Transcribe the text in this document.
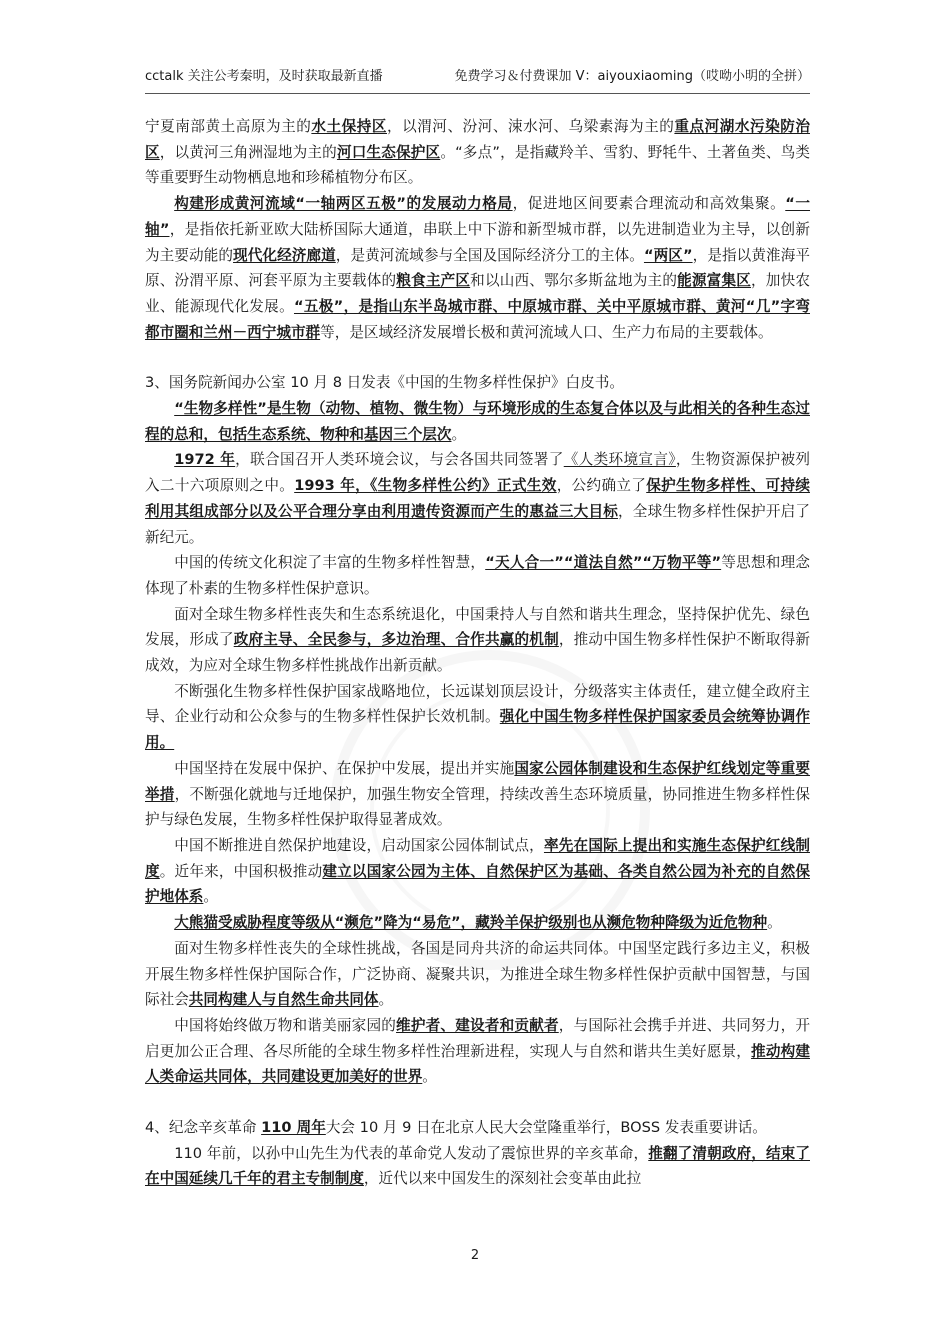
cctalk 关注公考秦明，及时获取最新直播	免费学习＆付费课加 V：aiyouxiaoming（哎呦小明的全拼）

宁夏南部黄土高原为主的水土保持区，以渭河、汾河、涑水河、乌梁素海为主的重点河湖水污染防治区，以黄河三角洲湿地为主的河口生态保护区。“多点”，是指藏羚羊、雪豹、野牦牛、土著鱼类、鸟类等重要野生动物栖息地和珍稀植物分布区。

构建形成黄河流域“一轴两区五极”的发展动力格局，促进地区间要素合理流动和高效集聚。“一轴”，是指依托新亚欧大陆桥国际大通道，串联上中下游和新型城市群，以先进制造业为主导，以创新为主要动能的现代化经济廊道，是黄河流域参与全国及国际经济分工的主体。“两区”，是指以黄淮海平原、汾渭平原、河套平原为主要载体的粮食主产区和以山西、鄂尔多斯盆地为主的能源富集区，加快农业、能源现代化发展。“五极”，是指山东半岛城市群、中原城市群、关中平原城市群、黄河“几”字弯都市圈和兰州－西宁城市群等，是区域经济发展增长极和黄河流域人口、生产力布局的主要载体。

3、国务院新闻办公室 10 月 8 日发表《中国的生物多样性保护》白皮书。

“生物多样性”是生物（动物、植物、微生物）与环境形成的生态复合体以及与此相关的各种生态过程的总和，包括生态系统、物种和基因三个层次。

1972 年，联合国召开人类环境会议，与会各国共同签署了《人类环境宣言》，生物资源保护被列入二十六项原则之中。1993 年，《生物多样性公约》正式生效，公约确立了保护生物多样性、可持续利用其组成部分以及公平合理分享由利用遗传资源而产生的惠益三大目标，全球生物多样性保护开启了新纪元。

中国的传统文化积淀了丰富的生物多样性智慧，“天人合一”“道法自然”“万物平等”等思想和理念体现了朴素的生物多样性保护意识。

面对全球生物多样性丧失和生态系统退化，中国秉持人与自然和谐共生理念，坚持保护优先、绿色发展，形成了政府主导、全民参与，多边治理、合作共赢的机制，推动中国生物多样性保护不断取得新成效，为应对全球生物多样性挑战作出新贡献。

不断强化生物多样性保护国家战略地位，长远谋划顶层设计，分级落实主体责任，建立健全政府主导、企业行动和公众参与的生物多样性保护长效机制。强化中国生物多样性保护国家委员会统筹协调作用。

中国坚持在发展中保护、在保护中发展，提出并实施国家公园体制建设和生态保护红线划定等重要举措，不断强化就地与迁地保护，加强生物安全管理，持续改善生态环境质量，协同推进生物多样性保护与绿色发展，生物多样性保护取得显著成效。

中国不断推进自然保护地建设，启动国家公园体制试点，率先在国际上提出和实施生态保护红线制度。近年来，中国积极推动建立以国家公园为主体、自然保护区为基础、各类自然公园为补充的自然保护地体系。

大熊猫受威胁程度等级从“濒危”降为“易危”，藏羚羊保护级别也从濒危物种降级为近危物种。

面对生物多样性丧失的全球性挑战，各国是同舟共济的命运共同体。中国坚定践行多边主义，积极开展生物多样性保护国际合作，广泛协商、凝聚共识，为推进全球生物多样性保护贡献中国智慧，与国际社会共同构建人与自然生命共同体。

中国将始终做万物和谐美丽家园的维护者、建设者和贡献者，与国际社会携手并进、共同努力，开启更加公正合理、各尽所能的全球生物多样性治理新进程，实现人与自然和谐共生美好愿景，推动构建人类命运共同体，共同建设更加美好的世界。

4、纪念辛亥革命 110 周年大会 10 月 9 日在北京人民大会堂隆重举行，BOSS 发表重要讲话。

110 年前，以孙中山先生为代表的革命党人发动了震惊世界的辛亥革命，推翻了清朝政府，结束了在中国延续几千年的君主专制制度，近代以来中国发生的深刻社会变革由此拉

2
